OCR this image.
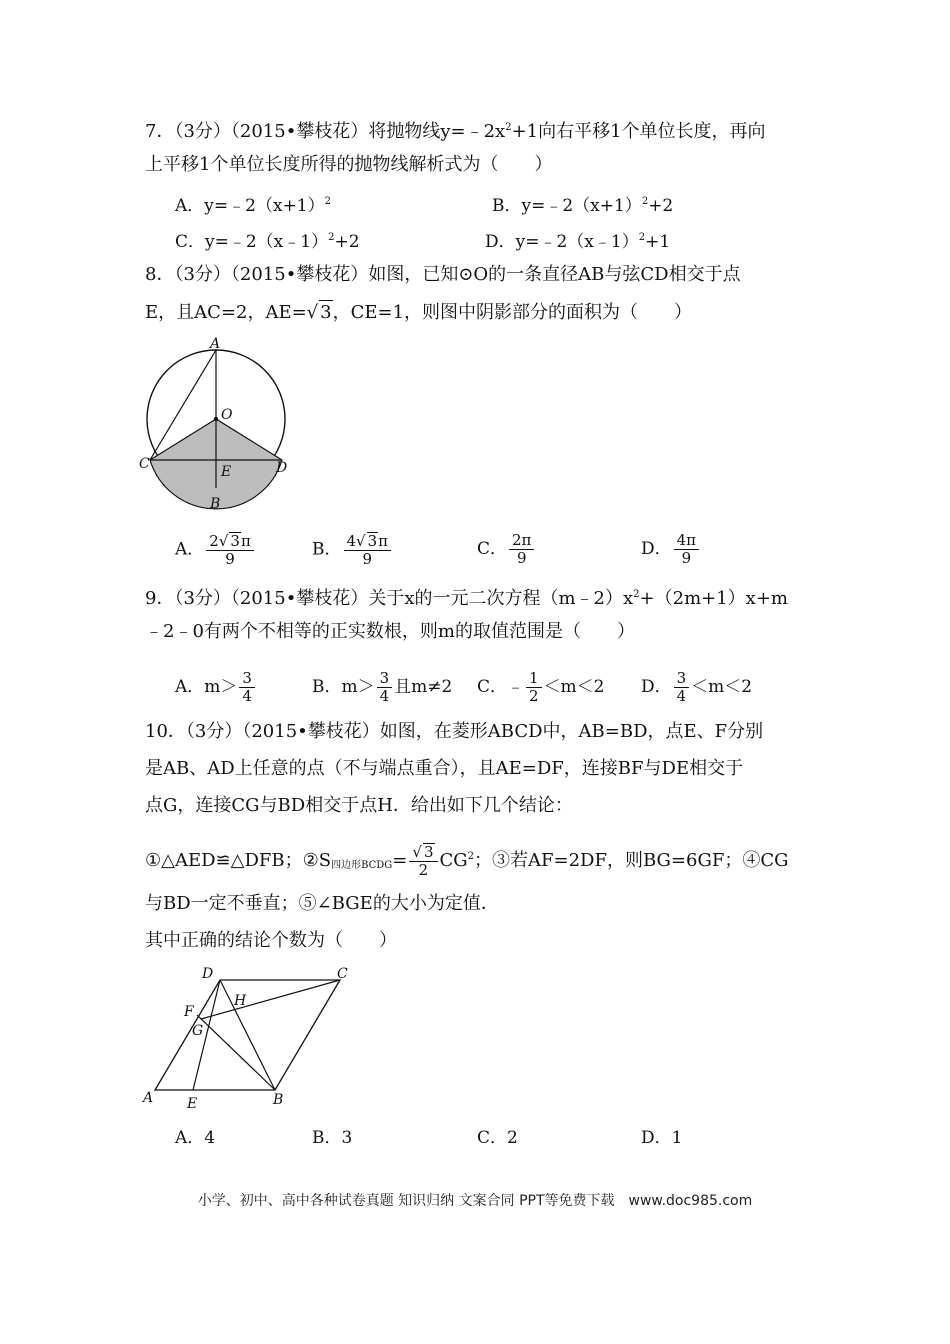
7．（3分）（2015•攀枝花）将抛物线$y=﹣2x^2+1$向右平移1个单位长度，再向
上平移1个单位长度所得的抛物线解析式为（　　）
A．$y=﹣2(x+1)^2$	B．$y=﹣2(x+1)^2+2$
C．y=﹣2（x﹣1）$^2$+2	D．y=﹣2（x﹣1）$^2$+1
8．（3分）（2015•攀枝花）如图，已知⊙O的一条直径AB与弦CD相交于点
E，且AC=2，AE=√ 3，CE=1，则图中阴影部分的面积为（　　）
A
O
C	E	D
B
A． $\frac{2√ 3\pi}{9}$	B． $\frac{4√ 3\pi}{9}$	C． $\frac{2\pi}{9}$	D． $\frac{4\pi}{9}$
9．（3分）（2015•攀枝花）关于x的一元二次方程$(m﹣2)x^2+(2m+1)x+m$
﹣2﹣0有两个不相等的正实数根，则m的取值范围是（　　）
A．$m> \frac{3}{4}$	B．$m> \frac{3}{4}$ 且m≠2 C．﹣ $\frac{1}{2} <m<2$ D． $\frac{3}{4} <m<2$
10．（3分）（2015•攀枝花）如图，在菱形ABCD中，AB=BD，点E、F分别
是AB、AD上任意的点（不与端点重合），且AE=DF，连接BF与DE相交于
点G，连接CG与BD相交于点H．给出如下几个结论：
①△AED≌△DFB；$②S_{四边形BCDG}= \frac{√ 3}{2} CG^2$；③若AF=2DF，则BG=6GF；④CG
与BD一定不垂直；⑤∠BGE的大小为定值．
其中正确的结论个数为（　　）
D	C
F
H
G
A E	B
A．4	B．3	C．2	D．1
小学、初中、高中各种试卷真题 知识归纳 文案合同 PPT等免费下载　www.doc985.com
